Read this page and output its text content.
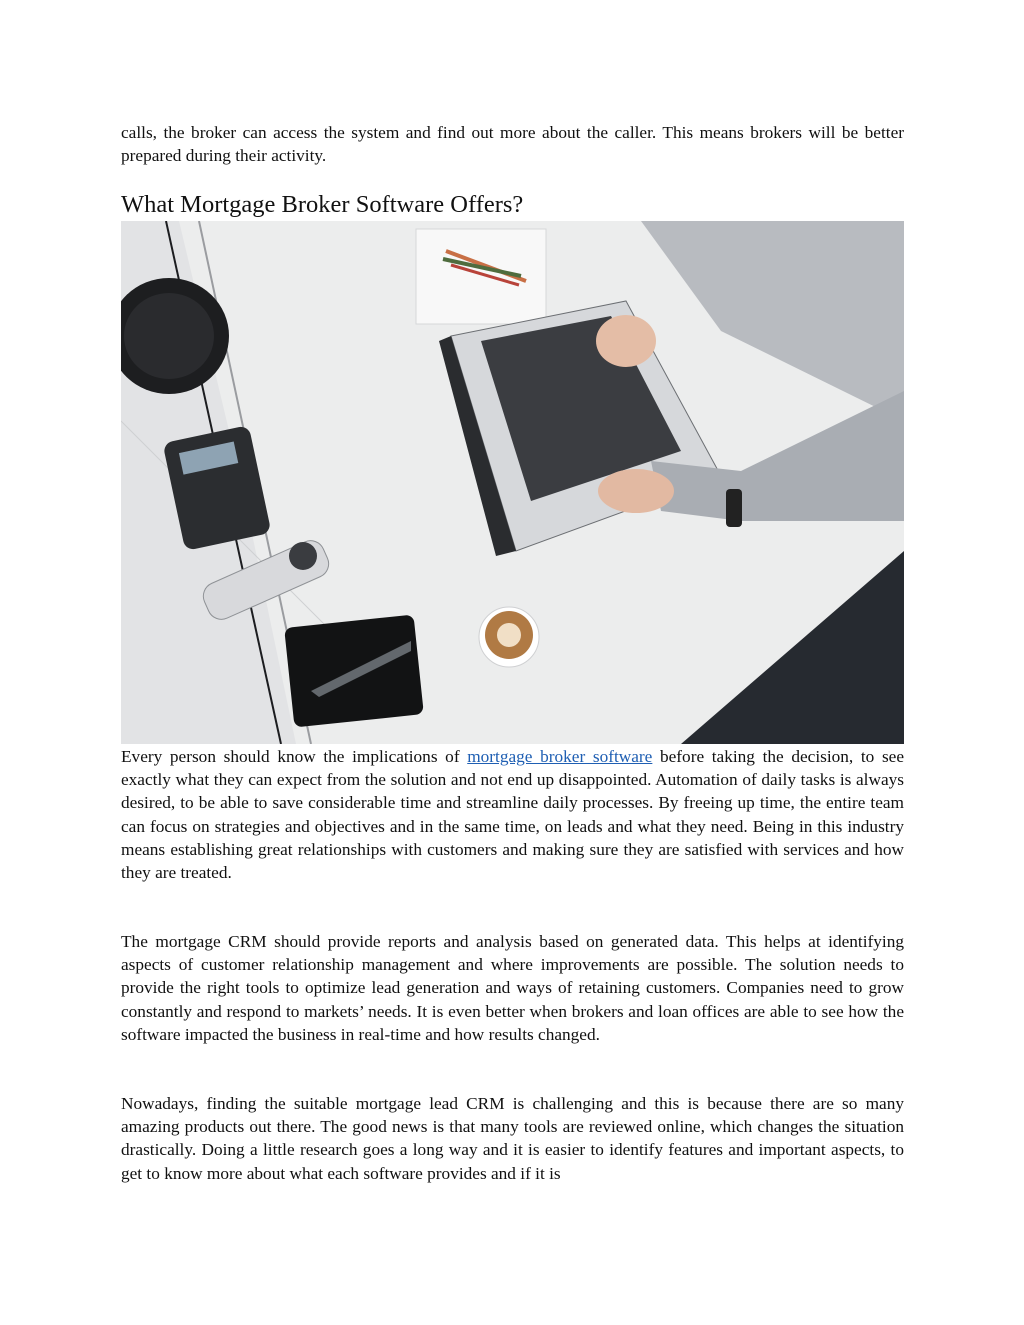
calls, the broker can access the system and find out more about the caller. This means brokers will be better prepared during their activity.

What Mortgage Broker Software Offers?

Every person should know the implications of mortgage broker software before taking the decision, to see exactly what they can expect from the solution and not end up disappointed. Automation of daily tasks is always desired, to be able to save considerable time and streamline daily processes. By freeing up time, the entire team can focus on strategies and objectives and in the same time, on leads and what they need. Being in this industry means establishing great relationships with customers and making sure they are satisfied with services and how they are treated.

The mortgage CRM should provide reports and analysis based on generated data. This helps at identifying aspects of customer relationship management and where improvements are possible. The solution needs to provide the right tools to optimize lead generation and ways of retaining customers. Companies need to grow constantly and respond to markets’ needs. It is even better when brokers and loan offices are able to see how the software impacted the business in real-time and how results changed.

Nowadays, finding the suitable mortgage lead CRM is challenging and this is because there are so many amazing products out there. The good news is that many tools are reviewed online, which changes the situation drastically. Doing a little research goes a long way and it is easier to identify features and important aspects, to get to know more about what each software provides and if it is
